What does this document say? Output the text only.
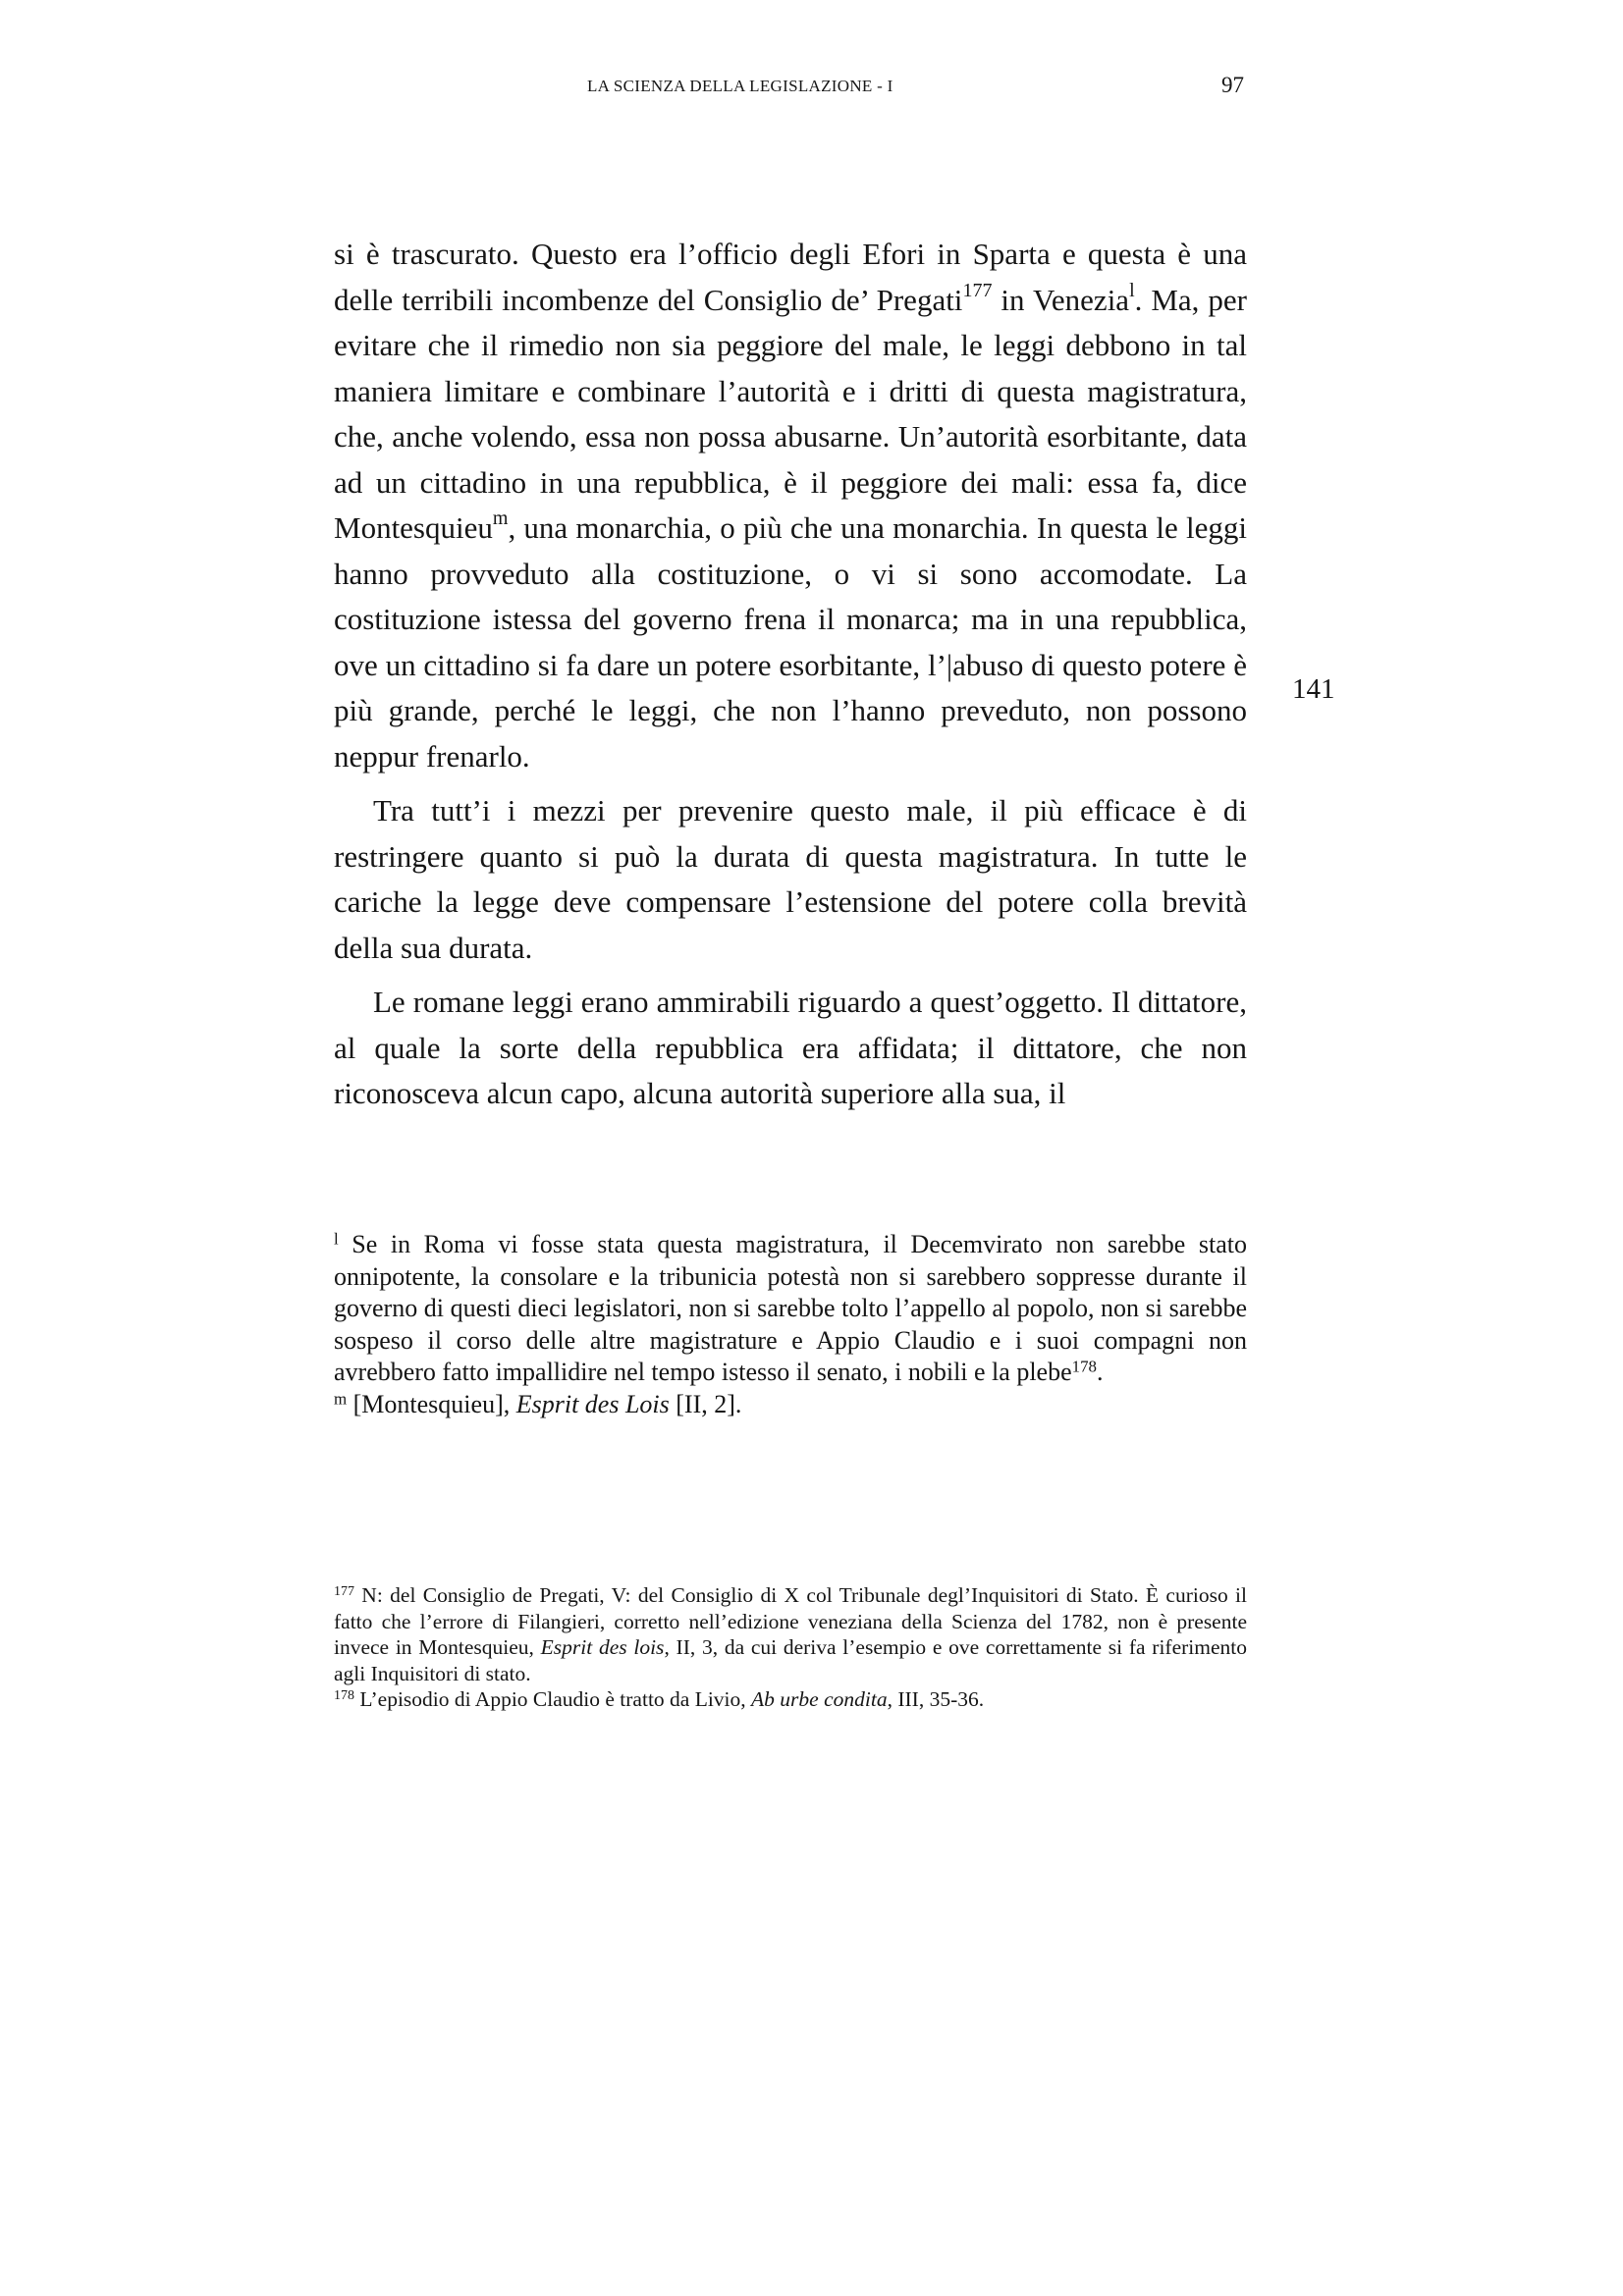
LA SCIENZA DELLA LEGISLAZIONE - I	97

si è trascurato. Questo era l’officio degli Efori in Sparta e questa è una delle terribili incombenze del Consiglio de’ Pregati$^{177}$ in Venezia$^l$. Ma, per evitare che il rimedio non sia peggiore del male, le leggi debbono in tal maniera limitare e combinare l’autorità e i dritti di questa magistratura, che, anche volendo, essa non possa abusarne. Un’autorità esorbitante, data ad un cittadino in una repubblica, è il peggiore dei mali: essa fa, dice Montesquieu$^m$, una monarchia, o più che una monarchia. In questa le leggi hanno provveduto alla costituzione, o vi si sono accomodate. La costituzione istessa del governo frena il monarca; ma in una repubblica, ove un cittadino si fa dare un potere esorbitante, l’|abuso di questo potere è più grande, perché le leggi, che non l’hanno preveduto, non possono neppur frenarlo.

Tra tutt’i i mezzi per prevenire questo male, il più efficace è di restringere quanto si può la durata di questa magistratura. In tutte le cariche la legge deve compensare l’estensione del potere colla brevità della sua durata.

Le romane leggi erano ammirabili riguardo a quest’oggetto. Il dittatore, al quale la sorte della repubblica era affidata; il dittatore, che non riconosceva alcun capo, alcuna autorità superiore alla sua, il

141

$^l$ Se in Roma vi fosse stata questa magistratura, il Decemvirato non sarebbe stato onnipotente, la consolare e la tribunicia potestà non si sarebbero soppresse durante il governo di questi dieci legislatori, non si sarebbe tolto l’appello al popolo, non si sarebbe sospeso il corso delle altre magistrature e Appio Claudio e i suoi compagni non avrebbero fatto impallidire nel tempo istesso il senato, i nobili e la plebe$^{178}$.

$^m$ [Montesquieu], Esprit des Lois [II, 2].

$^{177}$ N: del Consiglio de Pregati, V: del Consiglio di X col Tribunale degl’Inquisitori di Stato. È curioso il fatto che l’errore di Filangieri, corretto nell’edizione veneziana della Scienza del 1782, non è presente invece in Montesquieu, Esprit des lois, II, 3, da cui deriva l’esempio e ove correttamente si fa riferimento agli Inquisitori di stato.

$^{178}$ L’episodio di Appio Claudio è tratto da Livio, Ab urbe condita, III, 35-36.
